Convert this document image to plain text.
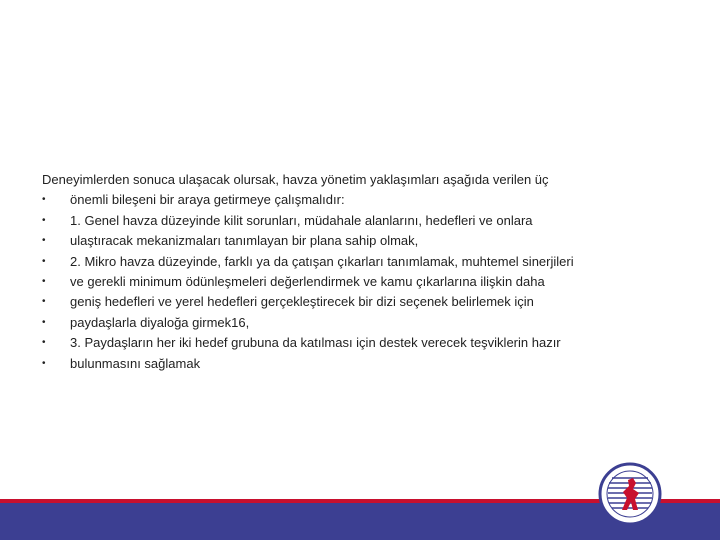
Deneyimlerden sonuca ulaşacak olursak, havza yönetim yaklaşımları aşağıda verilen üç

•	önemli bileşeni bir araya getirmeye çalışmalıdır:
•	1. Genel havza düzeyinde kilit sorunları, müdahale alanlarını, hedefleri ve onlara
•	ulaştıracak mekanizmaları tanımlayan bir plana sahip olmak,
•	2. Mikro havza düzeyinde, farklı ya da çatışan çıkarları tanımlamak, muhtemel sinerjileri
•	ve gerekli minimum ödünleşmeleri değerlendirmek ve kamu çıkarlarına ilişkin daha
•	geniş hedefleri ve yerel hedefleri gerçekleştirecek bir dizi seçenek belirlemek için
•	paydaşlarla diyaloğa girmek16,
•	3. Paydaşların her iki hedef grubuna da katılması için destek verecek teşviklerin hazır
•	bulunmasını sağlamak
